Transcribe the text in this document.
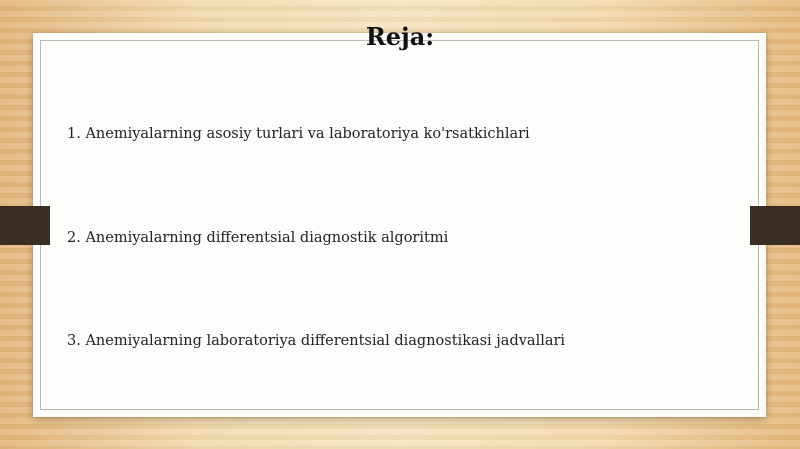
Reja:
1. Anemiyalarning asosiy turlari va laboratoriya ko'rsatkichlari
2. Anemiyalarning differentsial diagnostik algoritmi
3. Anemiyalarning laboratoriya differentsial diagnostikasi jadvallari
